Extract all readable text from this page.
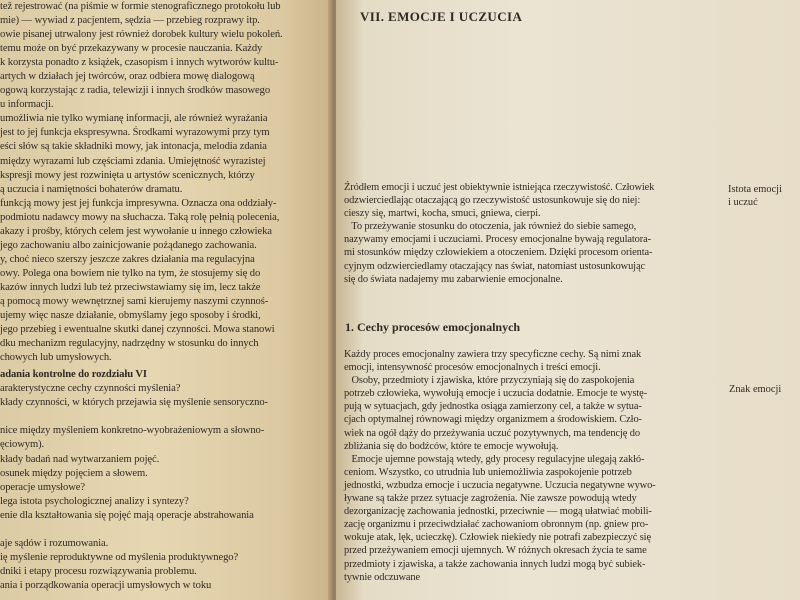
tež rejestrować (na piśmie w formie stenograficznego protokołu lub
mie) — wywiad z pacjentem, sędzia — przebieg rozprawy itp.
owie pisanej utrwalony jest również dorobek kultury wielu pokoleń.
temu może on być przekazywany w procesie nauczania. Każdy
k korzysta ponadto z książek, czasopism i innych wytworów kultu-
artych w działach jej twórców, oraz odbiera mowę dialogową
ogową korzystając z radia, telewizji i innych środków masowego
u informacji.
umożliwia nie tylko wymianę informacji, ale również wyrażania
jest to jej funkcja ekspresywna. Środkami wyrazowymi przy tym
eści słów są takie składniki mowy, jak intonacja, melodia zdania
między wyrazami lub częściami zdania. Umiejętność wyrazistej
kspresji mowy jest rozwinięta u artystów scenicznych, którzy
ą uczucia i namiętności bohaterów dramatu.
funkcją mowy jest jej funkcja impresywna. Oznacza ona oddziały-
podmiotu nadawcy mowy na słuchacza. Taką rolę pełnią polecenia,
akazy i prośby, których celem jest wywołanie u innego człowieka
jego zachowaniu albo zainicjowanie pożądanego zachowania.
y, choć nieco szerszy jeszcze zakres działania ma regulacyjna
owy. Polega ona bowiem nie tylko na tym, że stosujemy się do
kazów innych ludzi lub też przeciwstawiamy się im, lecz także
ą pomocą mowy wewnętrznej sami kierujemy naszymi czynnoś-
ujemy więc nasze działanie, obmyślamy jego sposoby i środki,
jego przebieg i ewentualne skutki danej czynności. Mowa stanowi
dku mechanizm regulacyjny, nadrzędny w stosunku do innych
chowych lub umysłowych.
adania kontrolne do rozdziału VI
arakterystyczne cechy czynności myślenia?
kłady czynności, w których przejawia się myślenie sensoryczno-
nice między myśleniem konkretno-wyobrażeniowym a słowno-
ęciowym).
kłady badań nad wytwarzaniem pojęć.
osunek między pojęciem a słowem.
operacje umysłowe?
lega istota psychologicznej analizy i syntezy?
enie dla kształtowania się pojęć mają operacje abstrahowania
aje sądów i rozumowania.
ię myślenie reproduktywne od myślenia produktywnego?
dniki i etapy procesu rozwiązywania problemu.
ania i porządkowania operacji umysłowych w toku
VII. EMOCJE I UCZUCIA
Źródłem emocji i uczuć jest obiektywnie istniejąca rzeczywistość. Człowiek
odzwierciedlając otaczającą go rzeczywistość ustosunkowuje się do niej:
cieszy się, martwi, kocha, smuci, gniewa, cierpi.
To przeżywanie stosunku do otoczenia, jak również do siebie samego,
nazywamy emocjami i uczuciami. Procesy emocjonalne bywają regulatora-
mi stosunków między człowiekiem a otoczeniem. Dzięki procesom orienta-
cyjnym odzwierciedlamy otaczający nas świat, natomiast ustosunkowując
się do świata nadajemy mu zabarwienie emocjonalne.
Istota emocji
i uczuć
1. Cechy procesów emocjonalnych
Każdy proces emocjonalny zawiera trzy specyficzne cechy. Są nimi znak
emocji, intensywność procesów emocjonalnych i treści emocji.
Osoby, przedmioty i zjawiska, które przyczyniają się do zaspokojenia
potrzeb człowieka, wywołują emocje i uczucia dodatnie. Emocje te wystę-
pują w sytuacjach, gdy jednostka osiąga zamierzony cel, a także w sytua-
cjach optymalnej równowagi między organizmem a środowiskiem. Czło-
wiek na ogół dąży do przeżywania uczuć pozytywnych, ma tendencję do
zbliżania się do bodźców, które te emocje wywołują.
Emocje ujemne powstają wtedy, gdy procesy regulacyjne ulegają zakłó-
ceniom. Wszystko, co utrudnia lub uniemożliwia zaspokojenie potrzeb
jednostki, wzbudza emocje i uczucia negatywne. Uczucia negatywne wywo-
ływane są także przez sytuacje zagrożenia. Nie zawsze powodują wtedy
dezorganizację zachowania jednostki, przeciwnie — mogą ułatwiać mobili-
zację organizmu i przeciwdziałać zachowaniom obronnym (np. gniew pro-
wokuje atak, lęk, ucieczkę). Człowiek niekiedy nie potrafi zabezpieczyć się
przed przeżywaniem emocji ujemnych. W różnych okresach życia te same
przedmioty i zjawiska, a także zachowania innych ludzi mogą być subiek-
tywnie odczuwane
Znak emocji
